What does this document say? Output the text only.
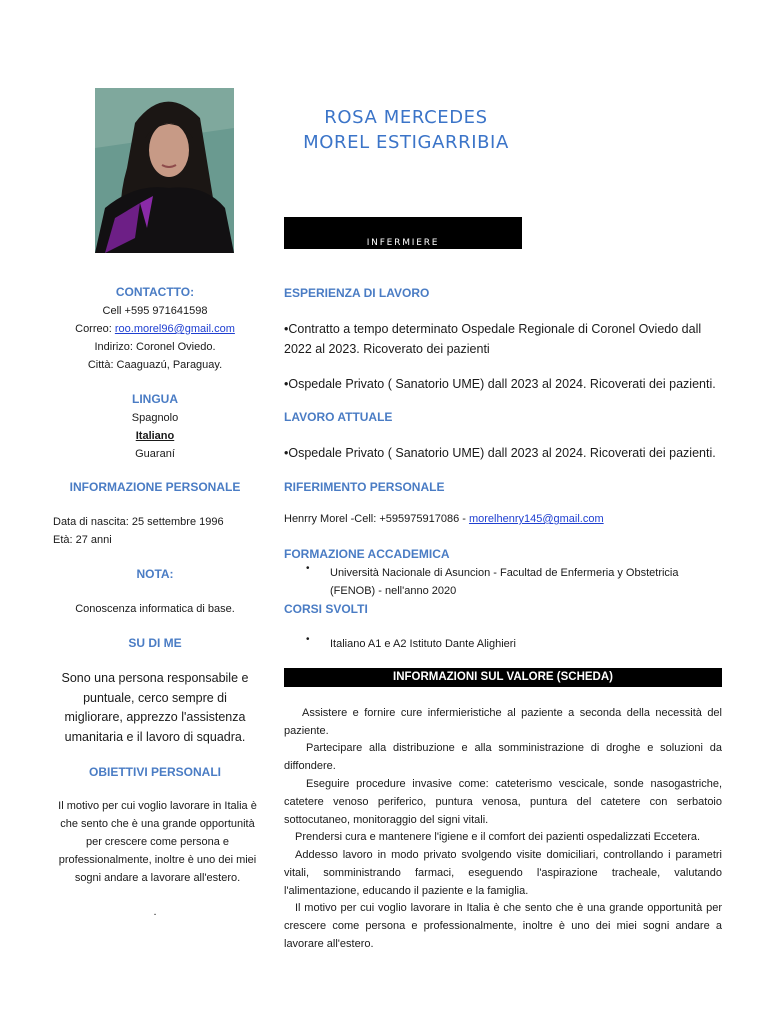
ROSA MERCEDES
MOREL ESTIGARRIBIA
INFERMIERE
CONTACTTO:
Cell +595 971641598
Correo: roo.morel96@gmail.com
Indirizo: Coronel Oviedo.
Città: Caaguazú, Paraguay.
LINGUA
Spagnolo
Italiano
Guaraní
INFORMAZIONE PERSONALE
Data di nascita: 25 settembre 1996
Età: 27 anni
NOTA:
Conoscenza informatica di base.
SU DI ME
Sono una persona responsabile e puntuale, cerco sempre di migliorare, apprezzo l'assistenza umanitaria e il lavoro di squadra.
OBIETTIVI PERSONALI
Il motivo per cui voglio lavorare in Italia è che sento che è una grande opportunità per crescere come persona e professionalmente, inoltre è uno dei miei sogni andare a lavorare all'estero.
.
ESPERIENZA DI LAVORO
•Contratto a tempo determinato Ospedale Regionale di Coronel Oviedo dall 2022 al 2023. Ricoverato dei pazienti
•Ospedale Privato ( Sanatorio UME) dall 2023 al 2024. Ricoverati dei pazienti.
LAVORO ATTUALE
•Ospedale Privato ( Sanatorio UME) dall 2023 al 2024. Ricoverati dei pazienti.
RIFERIMENTO PERSONALE
Henrry Morel -Cell: +595975917086 - morelhenry145@gmail.com
FORMAZIONE ACCADEMICA
• Università Nacionale di Asuncion - Facultad de Enfermeria y Obstetricia (FENOB) - nell'anno 2020
CORSI SVOLTI
• Italiano A1 e A2 Istituto Dante Alighieri
INFORMAZIONI SUL VALORE (SCHEDA)
Assistere e fornire cure infermieristiche al paziente a seconda della necessità del paziente.
Partecipare alla distribuzione e alla somministrazione di droghe e soluzioni da diffondere.
Eseguire procedure invasive come: cateterismo vescicale, sonde nasogastriche, catetere venoso periferico, puntura venosa, puntura del catetere con serbatoio sottocutaneo, monitoraggio del signi vitali.
Prendersi cura e mantenere l'igiene e il comfort dei pazienti ospedalizzati Eccetera.
Addesso lavoro in modo privato svolgendo visite domiciliari, controllando i parametri vitali, somministrando farmaci, eseguendo l'aspirazione tracheale, valutando l'alimentazione, educando il paziente e la famiglia.
Il motivo per cui voglio lavorare in Italia è che sento che è una grande opportunità per crescere come persona e professionalmente, inoltre è uno dei miei sogni andare a lavorare all'estero.
